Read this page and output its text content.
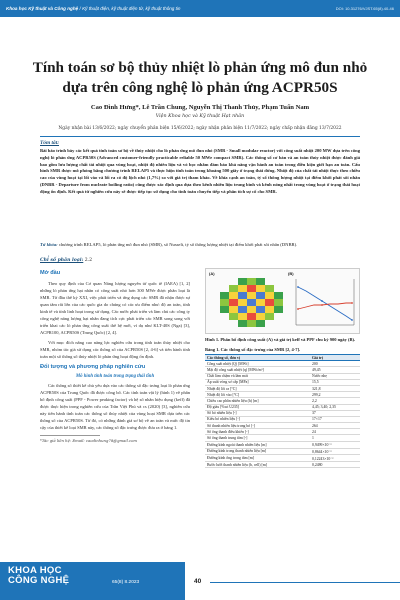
Khoa học Kỹ thuật và Công nghệ / Kỹ thuật điện, kỹ thuật điện tử, kỹ thuật thông tin	DOI: 10.31276/VJST.65(8).40-46
Tính toán sơ bộ thủy nhiệt lò phản ứng mô đun nhỏ dựa trên công nghệ lò phản ứng ACPR50S
Cao Đình Hưng*, Lê Trần Chung, Nguyễn Thị Thanh Thủy, Phạm Tuấn Nam
Viện Khoa học và Kỹ thuật Hạt nhân
Ngày nhận bài 13/6/2022; ngày chuyển phản biện 15/6/2022; ngày nhận phản biện 11/7/2022; ngày chấp nhận đăng 13/7/2022
Tóm tắt:
Bài báo trình bày các kết quả tính toán sơ bộ về thủy nhiệt cho lò phản ứng mô đun nhỏ (SMR - Small modular reactor) với công suất nhiệt 200 MW dựa trên công nghệ lò phản ứng ACPR50S (Advanced customer-friendly practicable reliable 50 MWe compact SMR). Các thông số cơ bản và an toàn thủy nhiệt được đánh giá bao gồm lưu lượng chất tải nhiệt qua vùng hoạt, nhiệt độ nhiên liệu và vỏ bọc nhằm đảm bảo khả năng vận hành an toàn trong điều kiện giới hạn an toàn. Cấu hình SMR được mô phỏng bằng chương trình RELAP5 và thực hiện tính toán trong khoảng 500 giây ở trạng thái dừng. Nhiệt độ của chất tải nhiệt thực theo chiều cao của vùng hoạt tại lối vào và lối ra có độ lệch nhỏ (1,7%) so với giá trị tham khảo. Về khía cạnh an toàn, tỷ số thông lượng nhiệt tại điểm khởi phát sôi nhân (DNBR - Departure from nucleate boiling ratio) cũng được xác định qua dựa theo kênh nhiên liệu trung bình và kênh nóng nhất trong vùng hoạt ở trạng thái hoạt động ổn định. Kết quả từ nghiên cứu này sẽ được tiếp tục sử dụng cho tính toán chuyển tiếp và phân tích sự cố cho SMR.
Từ khóa: chương trình RELAP5, lò phản ứng mô đun nhỏ (SMR), số Nusselt, tỷ số thông lượng nhiệt tại điểm khởi phát sôi nhân (DNBR).
Chỉ số phân loại: 2.2
Mở đầu

Theo quy định của Cơ quan Năng lượng nguyên tử quốc tế (IAEA) [1, 2] những lò phản ứng hạt nhân có công suất nhỏ hơn 300 MWe được phân loại là SMR. Từ đầu thế kỷ XXI, việc phát triển và ứng dụng các SMR đã nhận được sự quan tâm rất lớn của các quốc gia do chúng có các ưu điểm như: độ an toàn, tính kinh tế và tính linh hoạt trong sử dụng. Các nước phát triển và làm chủ các công ty công nghệ năng lượng hạt nhân đang tích cực phát triển các SMR song song với triển khai các lò phản ứng công suất thế hệ mới, ví dụ như KLT-40S (Nga) [3], ACPR100, ACPR50S (Trung Quốc) [2, 4].

Với mục đích nâng cao năng lực nghiên cứu trong tính toán thủy nhiệt cho SMR, nhóm tác giả sử dụng các thông số của ACPR50S [2, 4-6] và tiến hành tính toán một số thông số thủy nhiệt lò phản ứng hoạt động ổn định.

Đối tượng và phương pháp nghiên cứu
Mô hình tính toán trong trạng thái tĩnh

Các thông số thiết kế chủ yếu dựa vào các thông số đặc trưng loại lò phản ứng ACPR50S của Trung Quốc đã được công bố. Các tính toán vật lý (hình 1) về phân bố định công suất (PPF - Power peaking factor) và hệ số nhân hiệu dụng (keff) đã được thực hiện trong nghiên cứu của Trần Việt Phú và cs (2020) [3], nghiên cứu này tiến hành tính toán các thông số thủy nhiệt của vùng hoạt SMR dựa trên các thông số của ACPR50S. Từ đó, có những đánh giá sơ bộ về an toàn và mức độ tin cậy của thiết kế loại SMR này, các thông số đặc trưng được đưa ra ở bảng 1.

*Tác giả liên hệ: Email: caodinhung78@gmail.com
(A)	(B)
Hình 1. Phân bố định công suất (A) và giá trị keff và PPF chu kỳ 900 ngày (B).
Bảng 1. Các thông số đặc trưng của SMR [2, 4-7].
Các thông số, đơn vị	Giá trị
Công suất nhiệt (Q) [MWt]	200
Mật độ công suất nhiệt (q) [MWt/m³]	49,45
Chất làm chậm và làm mát	Nước nhẹ
Áp suất vòng sơ cấp [MPa]	15,5
Nhiệt độ lối ra [°C]	321,8
Nhiệt độ lối vào [°C]	299,2
Chiều cao phần nhiên liệu (h) [m]	2,2
Độ giàu [%wt U235]	4,45; 3,40; 2,35
Số bó nhiên liệu [-]	37
Kiểu bó nhiên liệu [-]	17×17
Số thanh nhiên liệu trong bó [-]	264
Số ống thanh điều khiển [-]	24
Số ống thanh trung tâm [-]	1
Đường kính ngoài thanh nhiên liệu [m]	0,9499×10⁻²
Đường kính trong thanh nhiên liệu [m]	0,8644×10⁻²
Đường kính ống trong tâm [m]	0,12243×10⁻²
Bước lưới thanh nhiên liệu (b, cell) [m]	0,2480
KHOA HỌC
CÔNG NGHỆ	65(8) 8.2023	40
